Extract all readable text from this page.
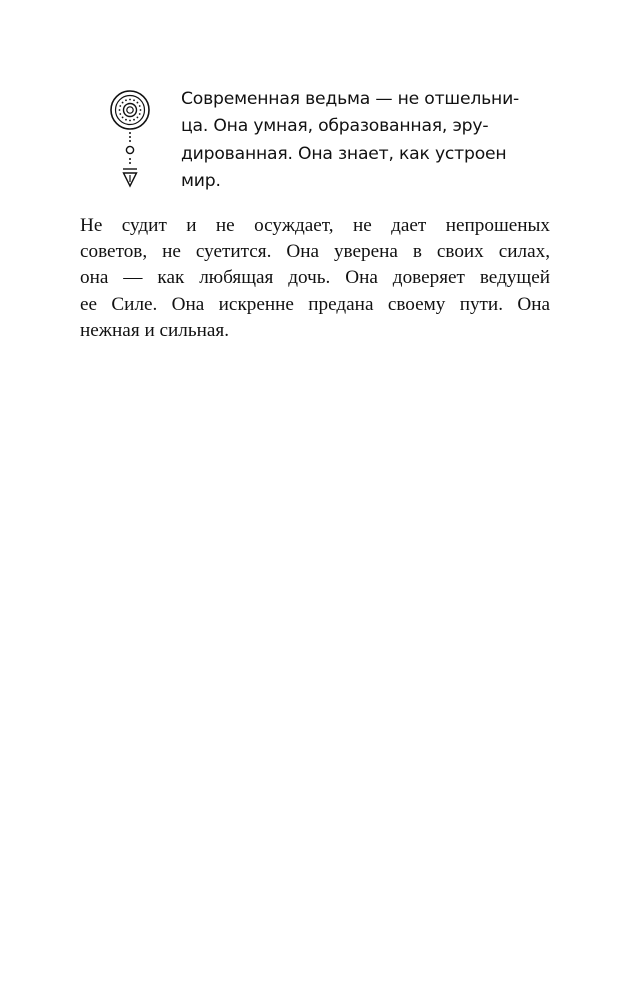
Современная ведьма — не отшельни-
ца. Она умная, образованная, эру-
дированная. Она знает, как устроен
мир.
Не судит и не осуждает, не дает непрошеных
советов, не суетится. Она уверена в своих силах,
она — как любящая дочь. Она доверяет ведущей
ее Силе. Она искренне предана своему пути. Она
нежная и сильная.
